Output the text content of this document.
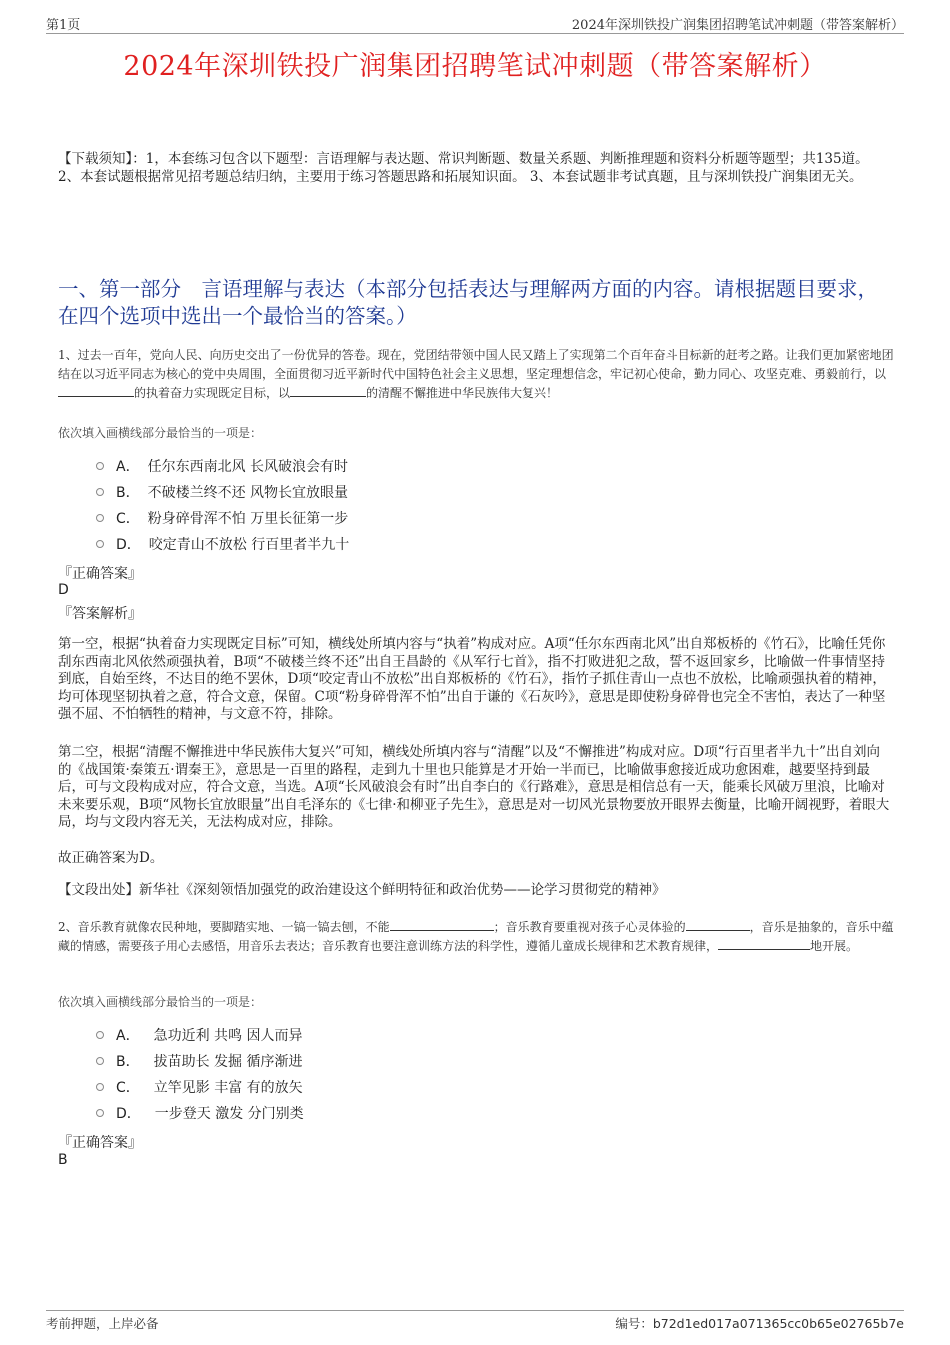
第1页	2024年深圳铁投广润集团招聘笔试冲刺题（带答案解析）
2024年深圳铁投广润集团招聘笔试冲刺题（带答案解析）
【下载须知】：1，本套练习包含以下题型：言语理解与表达题、常识判断题、数量关系题、判断推理题和资料分析题等题型；共135道。 2、本套试题根据常见招考题总结归纳，主要用于练习答题思路和拓展知识面。 3、本套试题非考试真题，且与深圳铁投广润集团无关。
一、第一部分　言语理解与表达（本部分包括表达与理解两方面的内容。请根据题目要求，在四个选项中选出一个最恰当的答案。）
1、过去一百年，党向人民、向历史交出了一份优异的答卷。现在，党团结带领中国人民又踏上了实现第二个百年奋斗目标新的赶考之路。让我们更加紧密地团结在以习近平同志为核心的党中央周围，全面贯彻习近平新时代中国特色社会主义思想，坚定理想信念，牢记初心使命，勤力同心、攻坚克难、勇毅前行，以的执着奋力实现既定目标，以	的清醒不懈推进中华民族伟大复兴！
依次填入画横线部分最恰当的一项是：
A． 任尔东西南北风 长风破浪会有时
B． 不破楼兰终不还 风物长宜放眼量
C． 粉身碎骨浑不怕 万里长征第一步
D． 咬定青山不放松 行百里者半九十
『正确答案』
D
『答案解析』
第一空，根据“执着奋力实现既定目标”可知，横线处所填内容与“执着”构成对应。A项“任尔东西南北风”出自郑板桥的《竹石》，比喻任凭你刮东西南北风依然顽强执着，B项“不破楼兰终不还”出自王昌龄的《从军行七首》，指不打败进犯之敌，誓不返回家乡，比喻做一件事情坚持到底，自始至终，不达目的绝不罢休，D项“咬定青山不放松”出自郑板桥的《竹石》，指竹子抓住青山一点也不放松，比喻顽强执着的精神，均可体现坚韧执着之意，符合文意，保留。C项“粉身碎骨浑不怕”出自于谦的《石灰吟》，意思是即使粉身碎骨也完全不害怕，表达了一种坚强不屈、不怕牺牲的精神，与文意不符，排除。
第二空，根据“清醒不懈推进中华民族伟大复兴”可知，横线处所填内容与“清醒”以及“不懈推进”构成对应。D项“行百里者半九十”出自刘向的《战国策·秦策五·谓秦王》，意思是一百里的路程，走到九十里也只能算是才开始一半而已，比喻做事愈接近成功愈困难，越要坚持到最后，可与文段构成对应，符合文意，当选。A项“长风破浪会有时”出自李白的《行路难》，意思是相信总有一天，能乘长风破万里浪，比喻对未来要乐观，B项“风物长宜放眼量”出自毛泽东的《七律·和柳亚子先生》，意思是对一切风光景物要放开眼界去衡量，比喻开阔视野，着眼大局，均与文段内容无关，无法构成对应，排除。
故正确答案为D。
【文段出处】新华社《深刻领悟加强党的政治建设这个鲜明特征和政治优势——论学习贯彻党的精神》
2、音乐教育就像农民种地，要脚踏实地、一镐一镐去刨，不能	；音乐教育要重视对孩子心灵体验的	，音乐是抽象的，音乐中蕴藏的情感，需要孩子用心去感悟，用音乐去表达；音乐教育也要注意训练方法的科学性，遵循儿童成长规律和艺术教育规律，	地开展。
依次填入画横线部分最恰当的一项是：
A． 急功近利 共鸣 因人而异
B． 拔苗助长 发掘 循序渐进
C． 立竿见影 丰富 有的放矢
D． 一步登天 激发 分门别类
『正确答案』
B
考前押题，上岸必备	编号：b72d1ed017a071365cc0b65e02765b7e
